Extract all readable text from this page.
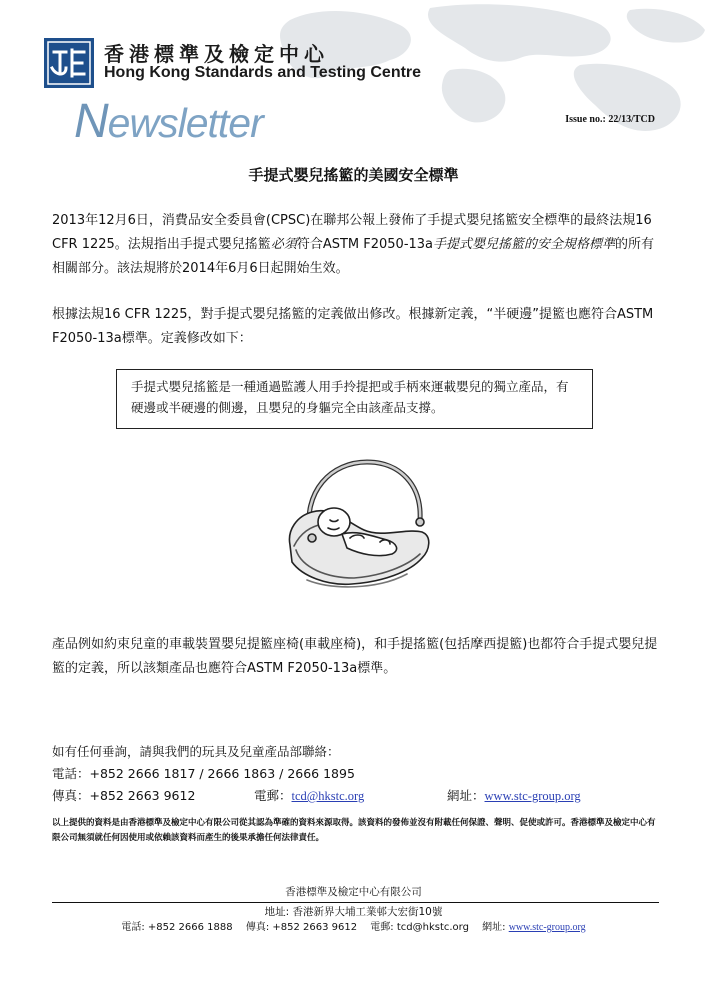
香港標準及檢定中心
Hong Kong Standards and Testing Centre
Newsletter	Issue no.: 22/13/TCD
手提式嬰兒搖籃的美國安全標準
2013年12月6日，消費品安全委員會(CPSC)在聯邦公報上發佈了手提式嬰兒搖籃安全標準的最終法規16 CFR 1225。法規指出手提式嬰兒搖籃必須符合ASTM F2050-13a手提式嬰兒搖籃的安全規格標準的所有相關部分。該法規將於2014年6月6日起開始生效。
根據法規16 CFR 1225，對手提式嬰兒搖籃的定義做出修改。根據新定義，“半硬邊”提籃也應符合ASTM F2050-13a標準。定義修改如下：
手提式嬰兒搖籃是一種通過監護人用手拎提把或手柄來運載嬰兒的獨立產品，有硬邊或半硬邊的側邊，且嬰兒的身軀完全由該產品支撐。
產品例如約束兒童的車載裝置嬰兒提籃座椅(車載座椅)，和手提搖籃(包括摩西提籃)也都符合手提式嬰兒提籃的定義，所以該類產品也應符合ASTM F2050-13a標準。
如有任何垂詢，請與我們的玩具及兒童產品部聯絡：
電話：+852 2666 1817 / 2666 1863 / 2666 1895
傳真：+852 2663 9612	電郵：tcd@hkstc.org	網址：www.stc-group.org
以上提供的資料是由香港標準及檢定中心有限公司從其認為準確的資料來源取得。該資料的發佈並沒有附載任何保證、聲明、促使或許可。香港標準及檢定中心有限公司無須就任何因使用或依賴該資料而產生的後果承擔任何法律責任。
香港標準及檢定中心有限公司
地址: 香港新界大埔工業邨大宏街10號
電話: +852 2666 1888 傳真: +852 2663 9612 電郵: tcd@hkstc.org 網址: www.stc-group.org
